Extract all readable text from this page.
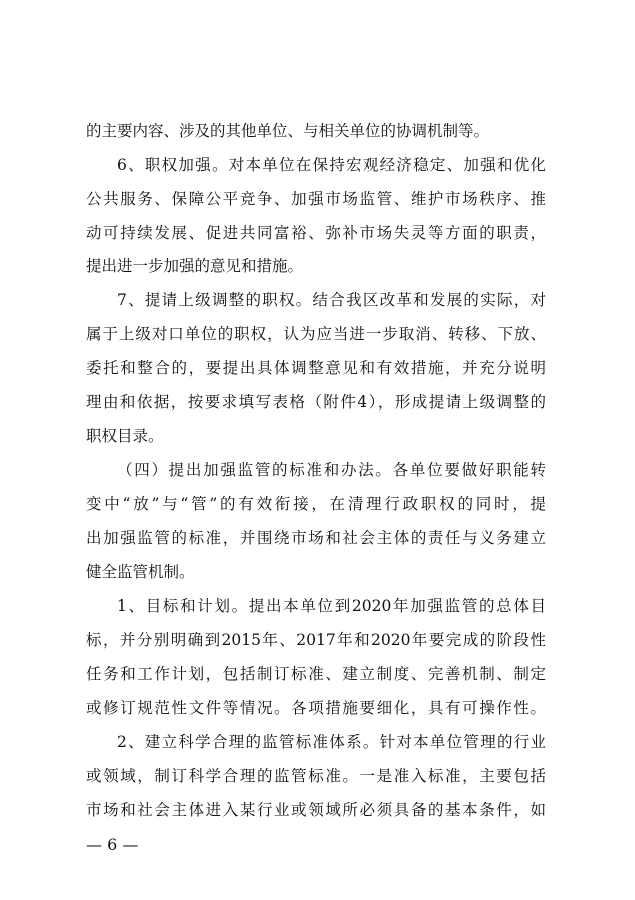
的主要内容、涉及的其他单位、与相关单位的协调机制等。
6、职权加强。对本单位在保持宏观经济稳定、加强和优化
公共服务、保障公平竞争、加强市场监管、维护市场秩序、推
动可持续发展、促进共同富裕、弥补市场失灵等方面的职责，
提出进一步加强的意见和措施。
7、提请上级调整的职权。结合我区改革和发展的实际，对
属于上级对口单位的职权，认为应当进一步取消、转移、下放、
委托和整合的，要提出具体调整意见和有效措施，并充分说明
理由和依据，按要求填写表格（附件4），形成提请上级调整的
职权目录。
（四）提出加强监管的标准和办法。各单位要做好职能转
变中“放”与“管”的有效衔接，在清理行政职权的同时，提
出加强监管的标准，并围绕市场和社会主体的责任与义务建立
健全监管机制。
1、目标和计划。提出本单位到2020年加强监管的总体目
标，并分别明确到2015年、2017年和2020年要完成的阶段性
任务和工作计划，包括制订标准、建立制度、完善机制、制定
或修订规范性文件等情况。各项措施要细化，具有可操作性。
2、建立科学合理的监管标准体系。针对本单位管理的行业
或领域，制订科学合理的监管标准。一是准入标准，主要包括
市场和社会主体进入某行业或领域所必须具备的基本条件，如
— 6 —
